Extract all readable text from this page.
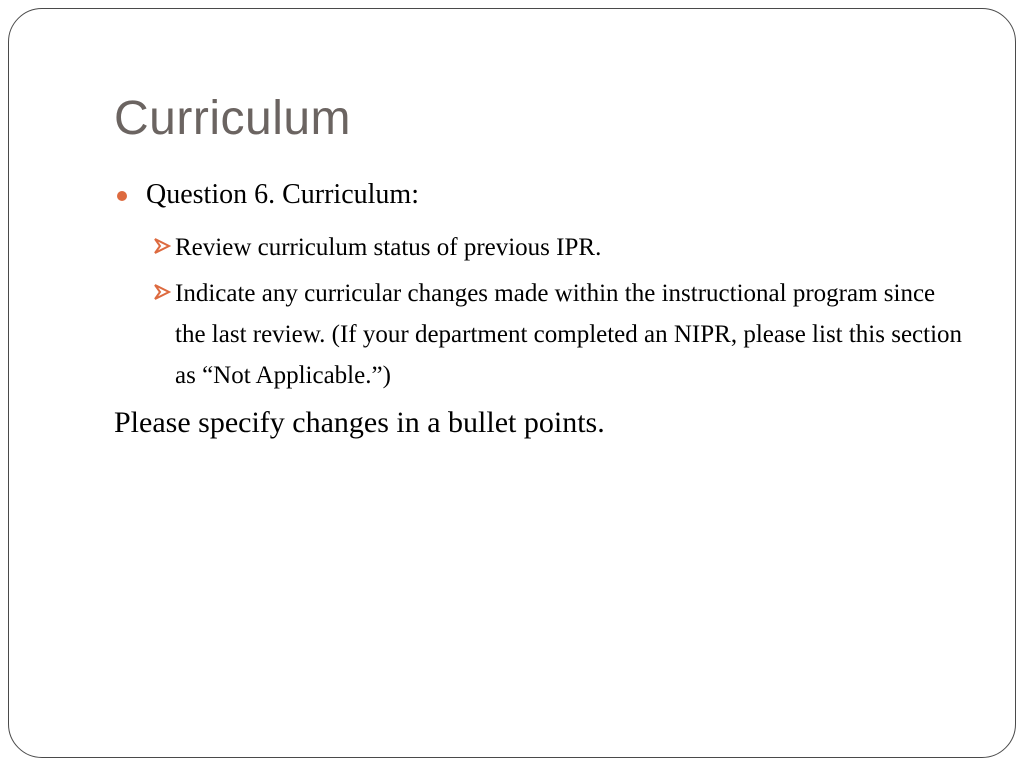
Curriculum
Question 6. Curriculum:
Review curriculum status of previous IPR.
Indicate any curricular changes made within the instructional program since the last review. (If your department completed an NIPR, please list this section as “Not Applicable.”)
Please specify changes in a bullet points.
